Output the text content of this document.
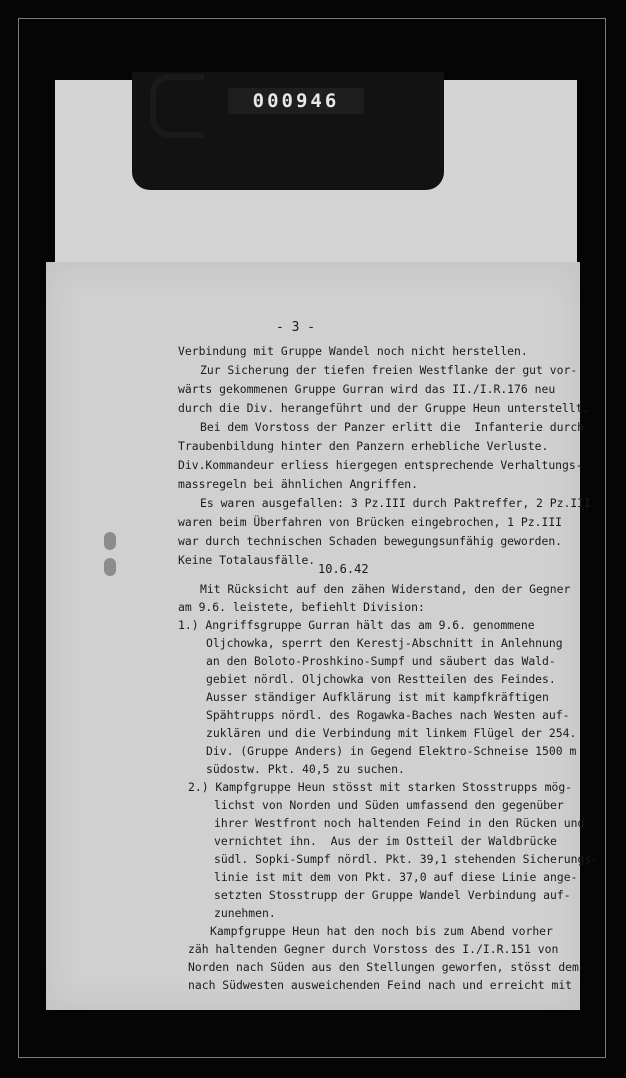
000946
- 3 -
Verbindung mit Gruppe Wandel noch nicht herstellen.
Zur Sicherung der tiefen freien Westflanke der gut vor-
wärts gekommenen Gruppe Gurran wird das II./I.R.176 neu
durch die Div. herangeführt und der Gruppe Heun unterstellt.
Bei dem Vorstoss der Panzer erlitt die  Infanterie durch
Traubenbildung hinter den Panzern erhebliche Verluste.
Div.Kommandeur erliess hiergegen entsprechende Verhaltungs-
massregeln bei ähnlichen Angriffen.
Es waren ausgefallen: 3 Pz.III durch Paktreffer, 2 Pz.III
waren beim Überfahren von Brücken eingebrochen, 1 Pz.III
war durch technischen Schaden bewegungsunfähig geworden.
Keine Totalausfälle.
10.6.42
Mit Rücksicht auf den zähen Widerstand, den der Gegner
am 9.6. leistete, befiehlt Division:
1.) Angriffsgruppe Gurran hält das am 9.6. genommene
Oljchowka, sperrt den Kerestj-Abschnitt in Anlehnung
an den Boloto-Proshkino-Sumpf und säubert das Wald-
gebiet nördl. Oljchowka von Restteilen des Feindes.
Ausser ständiger Aufklärung ist mit kampfkräftigen
Spähtrupps nördl. des Rogawka-Baches nach Westen auf-
zuklären und die Verbindung mit linkem Flügel der 254.
Div. (Gruppe Anders) in Gegend Elektro-Schneise 1500 m
südostw. Pkt. 40,5 zu suchen.
2.) Kampfgruppe Heun stösst mit starken Stosstrupps mög-
lichst von Norden und Süden umfassend den gegenüber
ihrer Westfront noch haltenden Feind in den Rücken und
vernichtet ihn.  Aus der im Ostteil der Waldbrücke
südl. Sopki-Sumpf nördl. Pkt. 39,1 stehenden Sicherungs-
linie ist mit dem von Pkt. 37,0 auf diese Linie ange-
setzten Stosstrupp der Gruppe Wandel Verbindung auf-
zunehmen.
Kampfgruppe Heun hat den noch bis zum Abend vorher
zäh haltenden Gegner durch Vorstoss des I./I.R.151 von
Norden nach Süden aus den Stellungen geworfen, stösst dem
nach Südwesten ausweichenden Feind nach und erreicht mit
